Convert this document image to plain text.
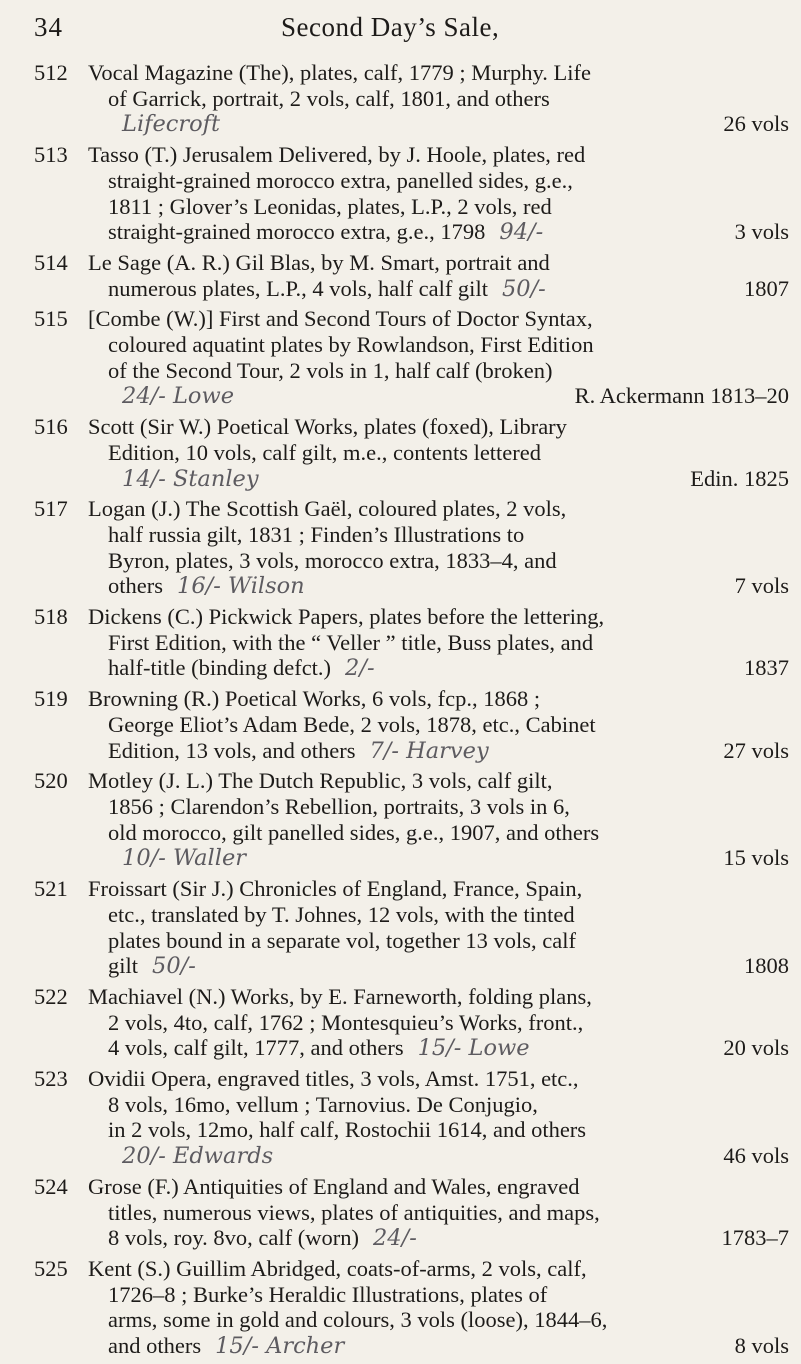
34	Second Day’s Sale,
512 Vocal Magazine (The), plates, calf, 1779 ; Murphy. Life
of Garrick, portrait, 2 vols, calf, 1801, and others
Lifecroft	26 vols
513 Tasso (T.) Jerusalem Delivered, by J. Hoole, plates, red
straight-grained morocco extra, panelled sides, g.e.,
1811 ; Glover’s Leonidas, plates, L.P., 2 vols, red
straight-grained morocco extra, g.e., 1798 94/-	3 vols
514 Le Sage (A. R.) Gil Blas, by M. Smart, portrait and
numerous plates, L.P., 4 vols, half calf gilt 50/-	1807
515 [Combe (W.)] First and Second Tours of Doctor Syntax,
coloured aquatint plates by Rowlandson, First Edition
of the Second Tour, 2 vols in 1, half calf (broken)
24/- Lowe	R. Ackermann 1813–20
516 Scott (Sir W.) Poetical Works, plates (foxed), Library
Edition, 10 vols, calf gilt, m.e., contents lettered
14/- Stanley	Edin. 1825
517 Logan (J.) The Scottish Gaël, coloured plates, 2 vols,
half russia gilt, 1831 ; Finden’s Illustrations to
Byron, plates, 3 vols, morocco extra, 1833–4, and
others 16/- Wilson	7 vols
518 Dickens (C.) Pickwick Papers, plates before the lettering,
First Edition, with the “ Veller ” title, Buss plates, and
half-title (binding defct.) 2/-	1837
519 Browning (R.) Poetical Works, 6 vols, fcp., 1868 ;
George Eliot’s Adam Bede, 2 vols, 1878, etc., Cabinet
Edition, 13 vols, and others 7/- Harvey	27 vols
520 Motley (J. L.) The Dutch Republic, 3 vols, calf gilt,
1856 ; Clarendon’s Rebellion, portraits, 3 vols in 6,
old morocco, gilt panelled sides, g.e., 1907, and others
10/- Waller	15 vols
521 Froissart (Sir J.) Chronicles of England, France, Spain,
etc., translated by T. Johnes, 12 vols, with the tinted
plates bound in a separate vol, together 13 vols, calf
gilt 50/-	1808
522 Machiavel (N.) Works, by E. Farneworth, folding plans,
2 vols, 4to, calf, 1762 ; Montesquieu’s Works, front.,
4 vols, calf gilt, 1777, and others 15/- Lowe	20 vols
523 Ovidii Opera, engraved titles, 3 vols, Amst. 1751, etc.,
8 vols, 16mo, vellum ; Tarnovius. De Conjugio,
in 2 vols, 12mo, half calf, Rostochii 1614, and others
20/- Edwards	46 vols
524 Grose (F.) Antiquities of England and Wales, engraved
titles, numerous views, plates of antiquities, and maps,
8 vols, roy. 8vo, calf (worn) 24/-	1783–7
525 Kent (S.) Guillim Abridged, coats-of-arms, 2 vols, calf,
1726–8 ; Burke’s Heraldic Illustrations, plates of
arms, some in gold and colours, 3 vols (loose), 1844–6,
and others 15/- Archer	8 vols
